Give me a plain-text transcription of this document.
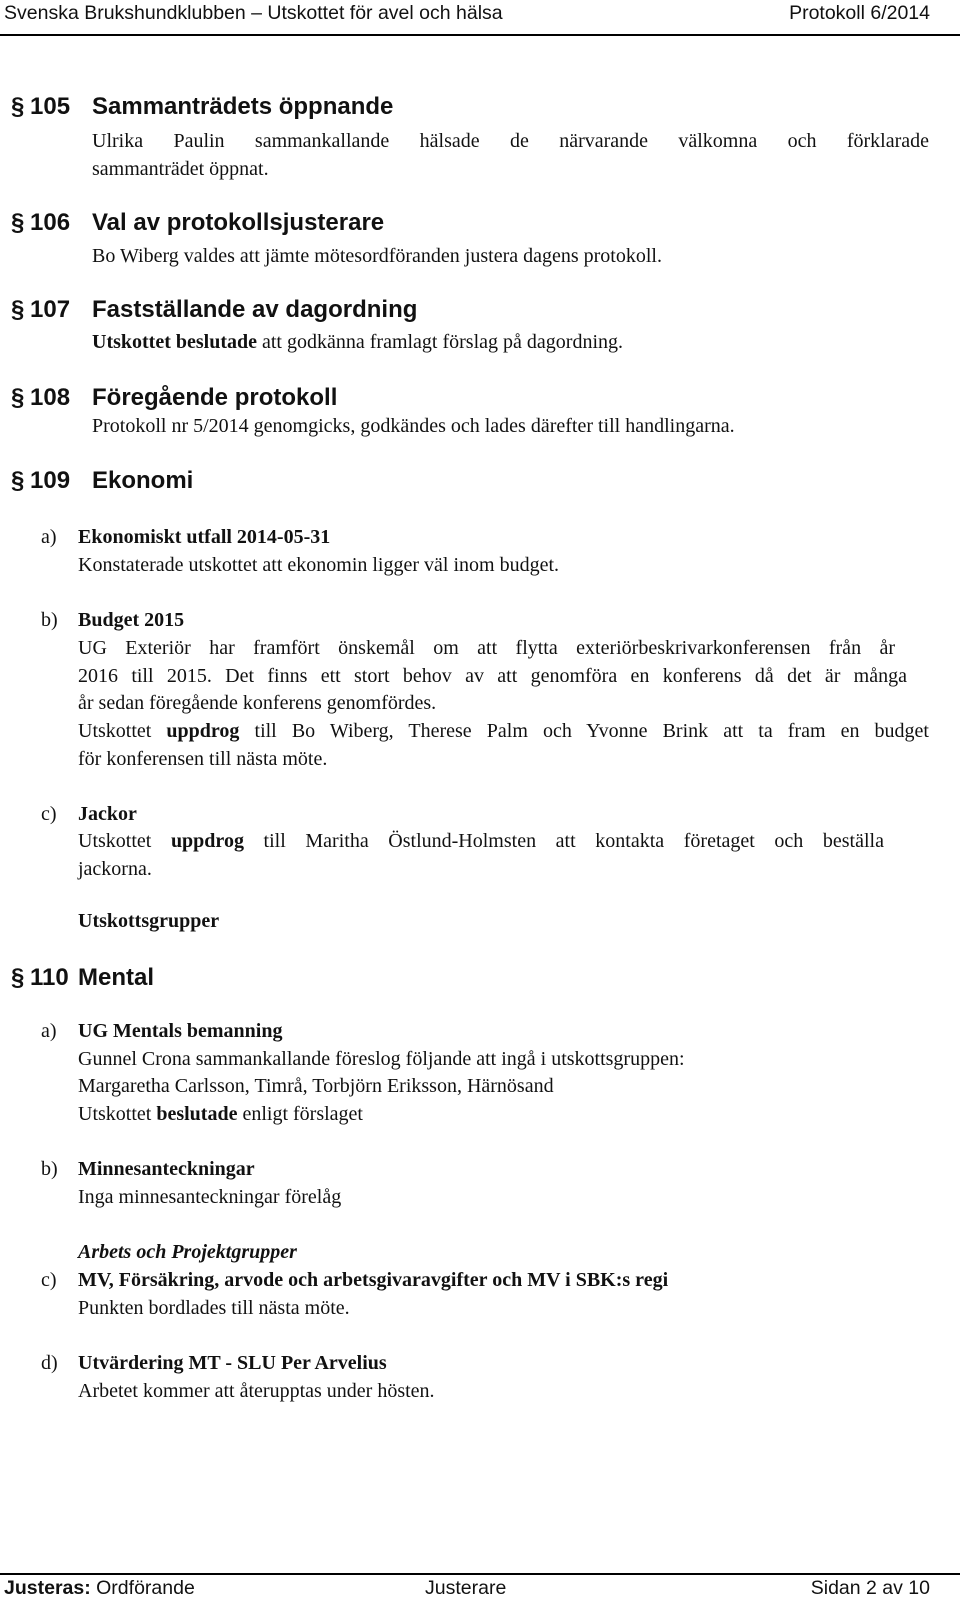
Svenska Brukshundklubben – Utskottet för avel och hälsa	Protokoll 6/2014
§ 105 Sammanträdets öppnande
Ulrika Paulin sammankallande hälsade de närvarande välkomna och förklarade
sammanträdet öppnat.
§ 106 Val av protokollsjusterare
Bo Wiberg valdes att jämte mötesordföranden justera dagens protokoll.
§ 107 Fastställande av dagordning
Utskottet beslutade att godkänna framlagt förslag på dagordning.
§ 108 Föregående protokoll
Protokoll nr 5/2014 genomgicks, godkändes och lades därefter till handlingarna.
§ 109 Ekonomi
a) Ekonomiskt utfall 2014-05-31
Konstaterade utskottet att ekonomin ligger väl inom budget.
b) Budget 2015
UG Exteriör har framfört önskemål om att flytta exteriörbeskrivarkonferensen från år
2016 till 2015. Det finns ett stort behov av att genomföra en konferens då det är många
år sedan föregående konferens genomfördes.
Utskottet uppdrog till Bo Wiberg, Therese Palm och Yvonne Brink att ta fram en budget
för konferensen till nästa möte.
c) Jackor
Utskottet uppdrog till Maritha Östlund-Holmsten att kontakta företaget och beställa
jackorna.
Utskottsgrupper
§ 110 Mental
a) UG Mentals bemanning
Gunnel Crona sammankallande föreslog följande att ingå i utskottsgruppen:
Margaretha Carlsson, Timrå, Torbjörn Eriksson, Härnösand
Utskottet beslutade enligt förslaget
b) Minnesanteckningar
Inga minnesanteckningar förelåg
Arbets och Projektgrupper
c) MV, Försäkring, arvode och arbetsgivaravgifter och MV i SBK:s regi
Punkten bordlades till nästa möte.
d) Utvärdering MT - SLU Per Arvelius
Arbetet kommer att återupptas under hösten.
Justeras: Ordförande	Justerare	Sidan 2 av 10
